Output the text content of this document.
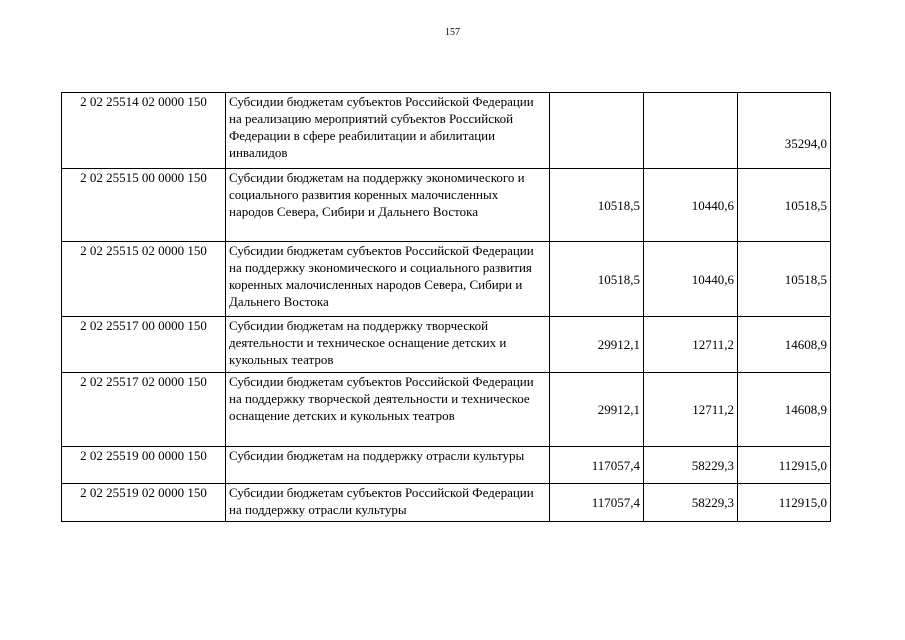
157
2 02 25514 02 0000 150	Субсидии бюджетам субъектов Российской Федерации на реализацию мероприятий субъектов Российской Федерации в сфере реабилитации и абилитации инвалидов			35294,0
2 02 25515 00 0000 150	Субсидии бюджетам на поддержку экономического и социального развития коренных малочисленных народов Севера, Сибири и Дальнего Востока	10518,5	10440,6	10518,5
2 02 25515 02 0000 150	Субсидии бюджетам субъектов Российской Федерации на поддержку экономического и социального развития коренных малочисленных народов Севера, Сибири и Дальнего Востока	10518,5	10440,6	10518,5
2 02 25517 00 0000 150	Субсидии бюджетам на поддержку творческой деятельности и техническое оснащение детских и кукольных театров	29912,1	12711,2	14608,9
2 02 25517 02 0000 150	Субсидии бюджетам субъектов Российской Федерации на поддержку творческой деятельности и техническое оснащение детских и кукольных театров	29912,1	12711,2	14608,9
2 02 25519 00 0000 150	Субсидии бюджетам на поддержку отрасли культуры	117057,4	58229,3	112915,0
2 02 25519 02 0000 150	Субсидии бюджетам субъектов Российской Федерации на поддержку отрасли культуры	117057,4	58229,3	112915,0
